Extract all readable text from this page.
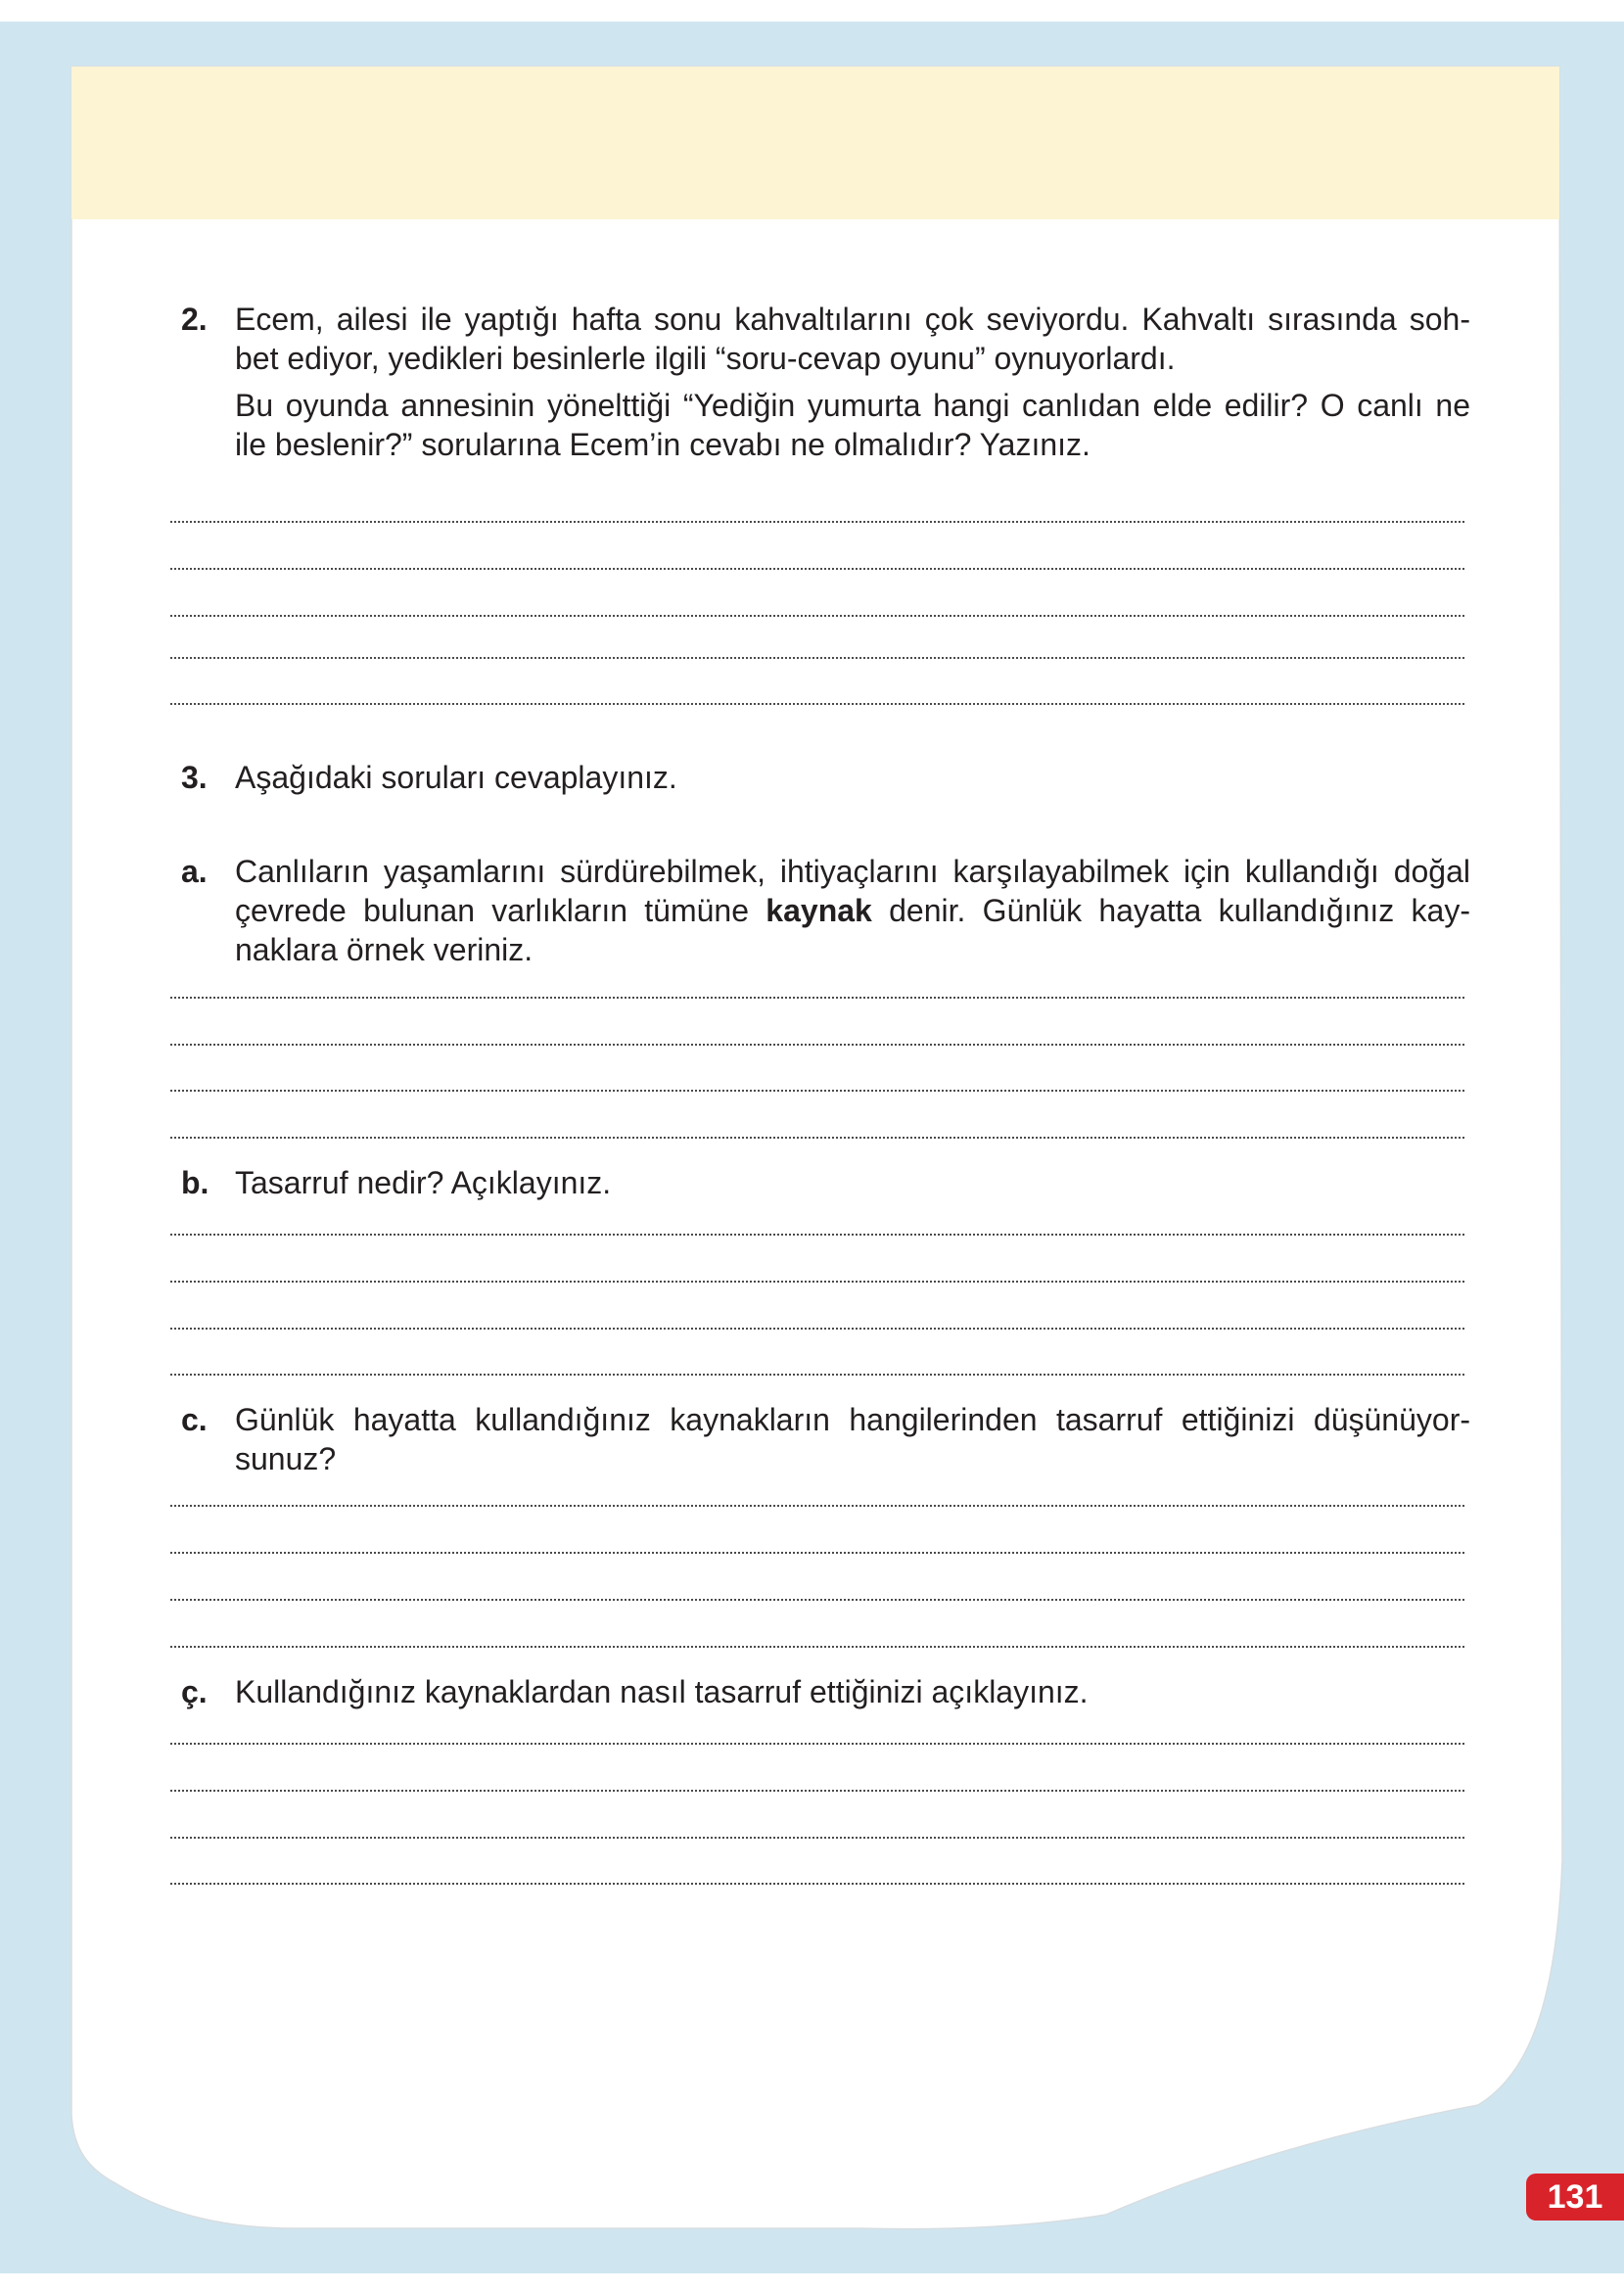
2. Ecem, ailesi ile yaptığı hafta sonu kahvaltılarını çok seviyordu. Kahvaltı sırasında soh-
bet ediyor, yedikleri besinlerle ilgili “soru-cevap oyunu” oynuyorlardı.
Bu oyunda annesinin yönelttiği “Yediğin yumurta hangi canlıdan elde edilir? O canlı ne
ile beslenir?” sorularına Ecem’in cevabı ne olmalıdır? Yazınız.
3. Aşağıdaki soruları cevaplayınız.
a. Canlıların yaşamlarını sürdürebilmek, ihtiyaçlarını karşılayabilmek için kullandığı doğal
çevrede bulunan varlıkların tümüne kaynak denir. Günlük hayatta kullandığınız kay-
naklara örnek veriniz.
b. Tasarruf nedir? Açıklayınız.
c. Günlük hayatta kullandığınız kaynakların hangilerinden tasarruf ettiğinizi düşünüyor-
sunuz?
ç. Kullandığınız kaynaklardan nasıl tasarruf ettiğinizi açıklayınız.
131
